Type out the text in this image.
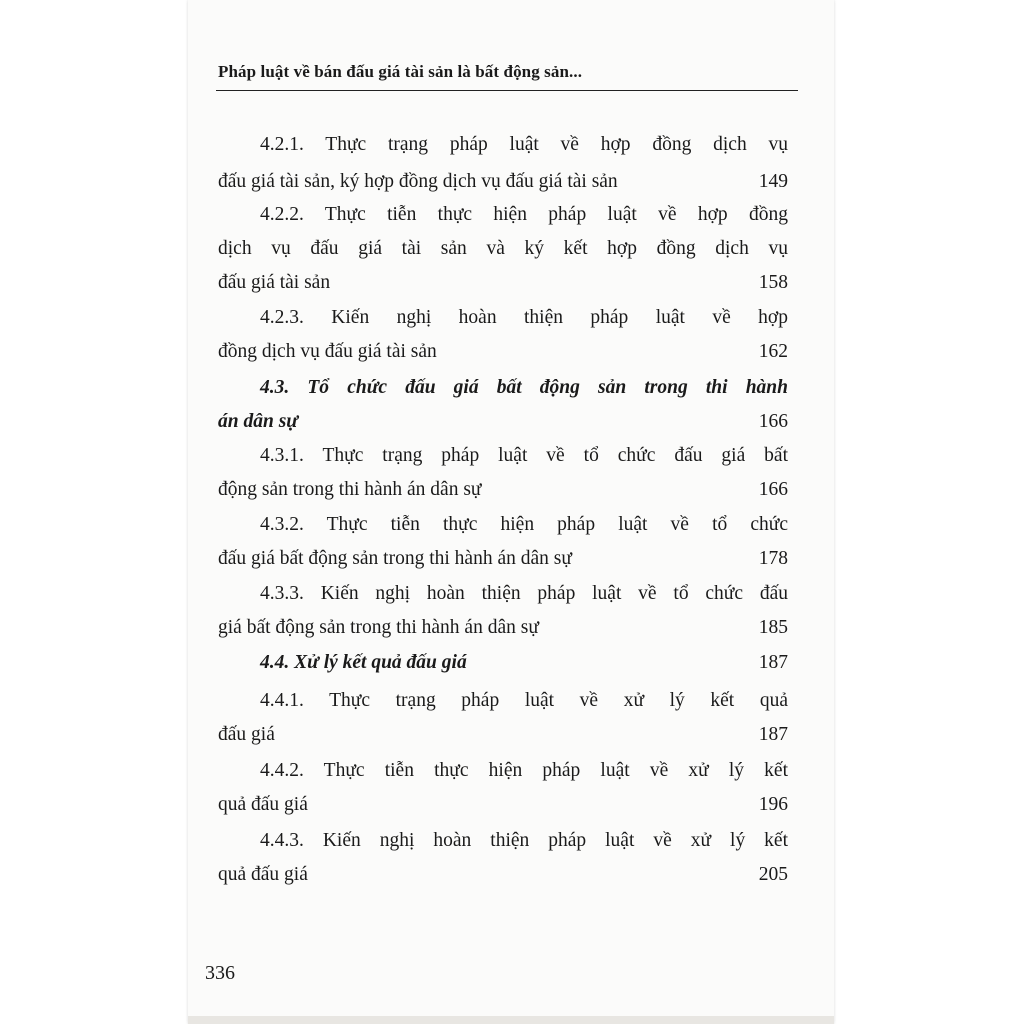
Pháp luật về bán đấu giá tài sản là bất động sản...
4.2.1. Thực trạng pháp luật về hợp đồng dịch vụ
đấu giá tài sản, ký hợp đồng dịch vụ đấu giá tài sản	149
4.2.2. Thực tiễn thực hiện pháp luật về hợp đồng
dịch vụ đấu giá tài sản và ký kết hợp đồng dịch vụ
đấu giá tài sản	158
4.2.3. Kiến nghị hoàn thiện pháp luật về hợp
đồng dịch vụ đấu giá tài sản	162
4.3. Tổ chức đấu giá bất động sản trong thi hành
án dân sự	166
4.3.1. Thực trạng pháp luật về tổ chức đấu giá bất
động sản trong thi hành án dân sự	166
4.3.2. Thực tiễn thực hiện pháp luật về tổ chức
đấu giá bất động sản trong thi hành án dân sự	178
4.3.3. Kiến nghị hoàn thiện pháp luật về tổ chức đấu
giá bất động sản trong thi hành án dân sự	185
4.4. Xử lý kết quả đấu giá	187
4.4.1. Thực trạng pháp luật về xử lý kết quả
đấu giá	187
4.4.2. Thực tiễn thực hiện pháp luật về xử lý kết
quả đấu giá	196
4.4.3. Kiến nghị hoàn thiện pháp luật về xử lý kết
quả đấu giá	205
336
